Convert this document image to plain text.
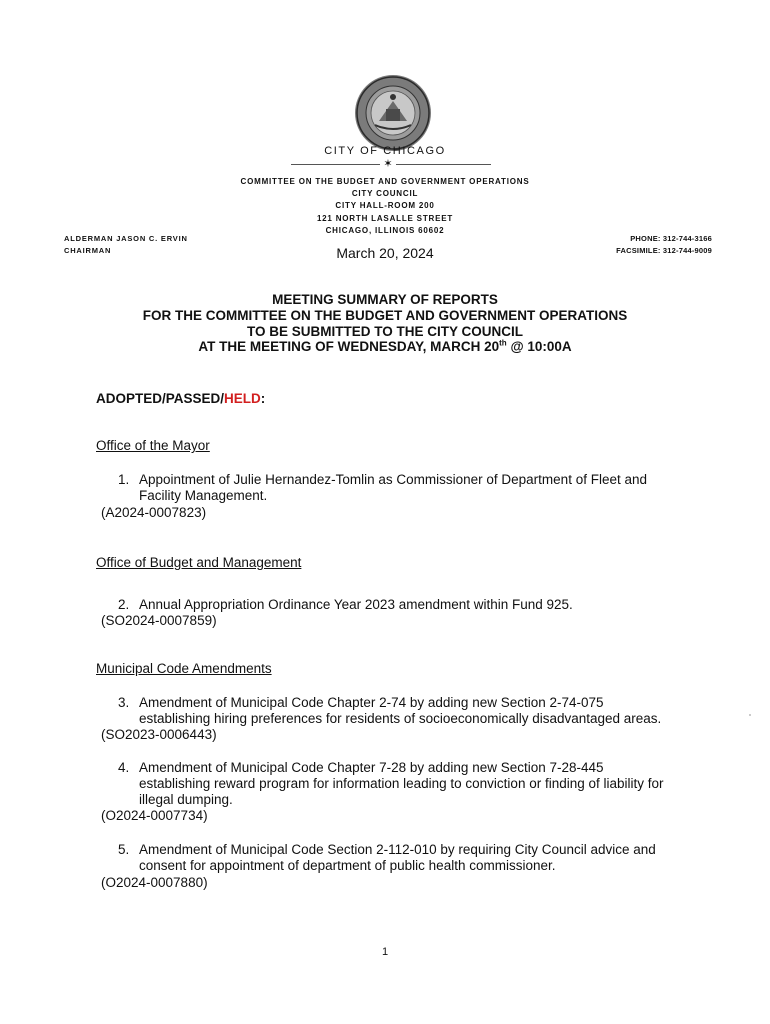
CITY OF CHICAGO
✶
COMMITTEE ON THE BUDGET AND GOVERNMENT OPERATIONS
CITY COUNCIL
CITY HALL-ROOM 200
121 NORTH LASALLE STREET
CHICAGO, ILLINOIS 60602
ALDERMAN JASON C. ERVIN
CHAIRMAN
PHONE: 312-744-3166
FACSIMILE: 312-744-9009
March 20, 2024
MEETING SUMMARY OF REPORTS
FOR THE COMMITTEE ON THE BUDGET AND GOVERNMENT OPERATIONS
TO BE SUBMITTED TO THE CITY COUNCIL
AT THE MEETING OF WEDNESDAY, MARCH 20th @ 10:00A
ADOPTED/PASSED/HELD:
Office of the Mayor
1. Appointment of Julie Hernandez-Tomlin as Commissioner of Department of Fleet and
Facility Management.
(A2024-0007823)
Office of Budget and Management
2. Annual Appropriation Ordinance Year 2023 amendment within Fund 925.
(SO2024-0007859)
Municipal Code Amendments
3. Amendment of Municipal Code Chapter 2-74 by adding new Section 2-74-075
establishing hiring preferences for residents of socioeconomically disadvantaged areas.
(SO2023-0006443)
4. Amendment of Municipal Code Chapter 7-28 by adding new Section 7-28-445
establishing reward program for information leading to conviction or finding of liability for
illegal dumping.
(O2024-0007734)
5. Amendment of Municipal Code Section 2-112-010 by requiring City Council advice and
consent for appointment of department of public health commissioner.
(O2024-0007880)
1
